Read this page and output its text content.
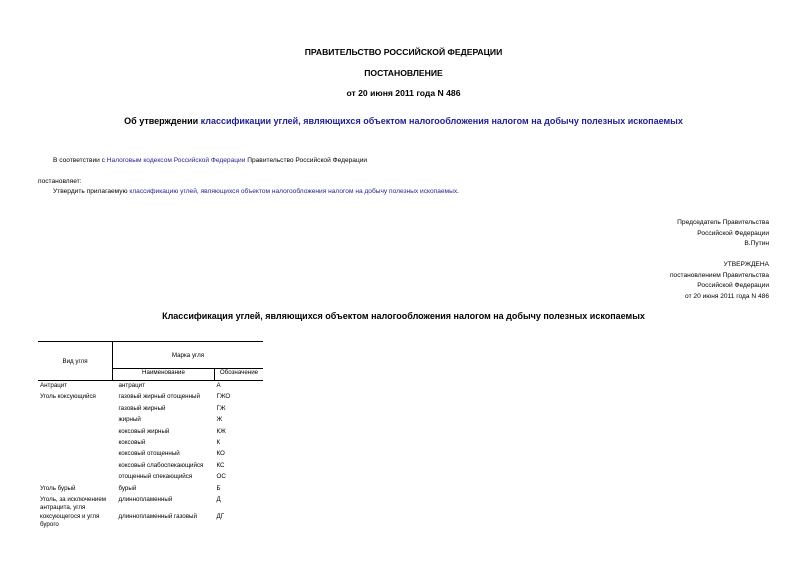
ПРАВИТЕЛЬСТВО РОССИЙСКОЙ ФЕДЕРАЦИИ
ПОСТАНОВЛЕНИЕ
от 20 июня 2011 года N 486
Об утверждении классификации углей, являющихся объектом налогообложения налогом на добычу полезных ископаемых
В соответствии с Налоговым кодексом Российской Федерации Правительство Российской Федерации
постановляет:
Утвердить прилагаемую классификацию углей, являющихся объектом налогообложения налогом на добычу полезных ископаемых.
Председатель Правительства
Российской Федерации
В.Путин
УТВЕРЖДЕНА
постановлением Правительства
Российской Федерации
от 20 июня 2011 года N 486
Классификация углей, являющихся объектом налогообложения налогом на добычу полезных ископаемых
Вид угля	Марка угля	
	Наименование	Обозначение
Антрацит	антрацит	А
Уголь коксующийся	газовый жирный отощенный	ГЖО
	газовый жирный	ГЖ
	жирный	Ж
	коксовый жирный	КЖ
	коксовый	К
	коксовый отощенный	КО
	коксовый слабоспекающийся	КС
	отощенный спекающийся	ОС
Уголь бурый	бурый	Б
Уголь, за исключением антрацита, угля	длиннопламенный	Д
коксующегося и угля бурого	длиннопламенный газовый	ДГ
